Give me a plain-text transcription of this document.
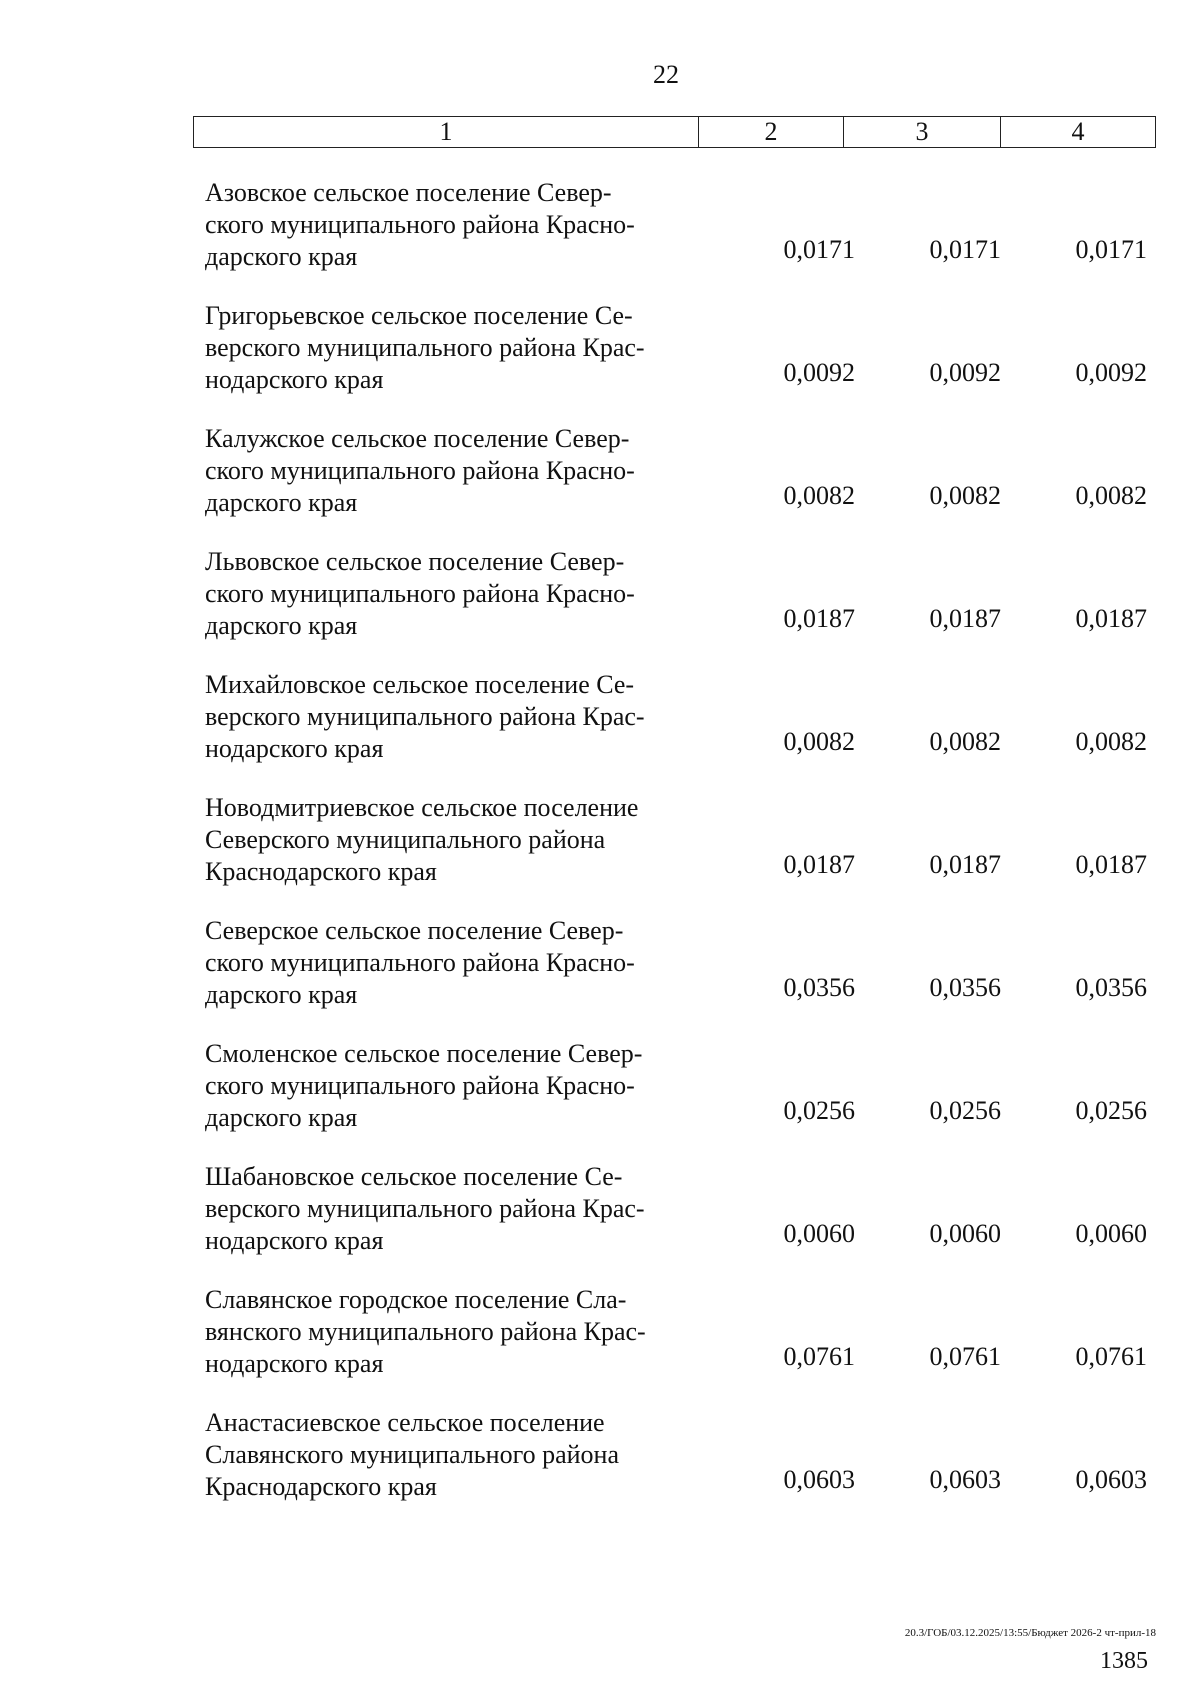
22
1	2	3	4
Азовское сельское поселение Север-
ского муниципального района Красно-
дарского края	0,0171	0,0171	0,0171
Григорьевское сельское поселение Се-
верского муниципального района Крас-
нодарского края	0,0092	0,0092	0,0092
Калужское сельское поселение Север-
ского муниципального района Красно-
дарского края	0,0082	0,0082	0,0082
Львовское сельское поселение Север-
ского муниципального района Красно-
дарского края	0,0187	0,0187	0,0187
Михайловское сельское поселение Се-
верского муниципального района Крас-
нодарского края	0,0082	0,0082	0,0082
Новодмитриевское сельское поселение
Северского муниципального района
Краснодарского края	0,0187	0,0187	0,0187
Северское сельское поселение Север-
ского муниципального района Красно-
дарского края	0,0356	0,0356	0,0356
Смоленское сельское поселение Север-
ского муниципального района Красно-
дарского края	0,0256	0,0256	0,0256
Шабановское сельское поселение Се-
верского муниципального района Крас-
нодарского края	0,0060	0,0060	0,0060
Славянское городское поселение Сла-
вянского муниципального района Крас-
нодарского края	0,0761	0,0761	0,0761
Анастасиевское сельское поселение
Славянского муниципального района
Краснодарского края	0,0603	0,0603	0,0603
20.3/ГОБ/03.12.2025/13:55/Бюджет 2026-2 чт-прил-18
1385
